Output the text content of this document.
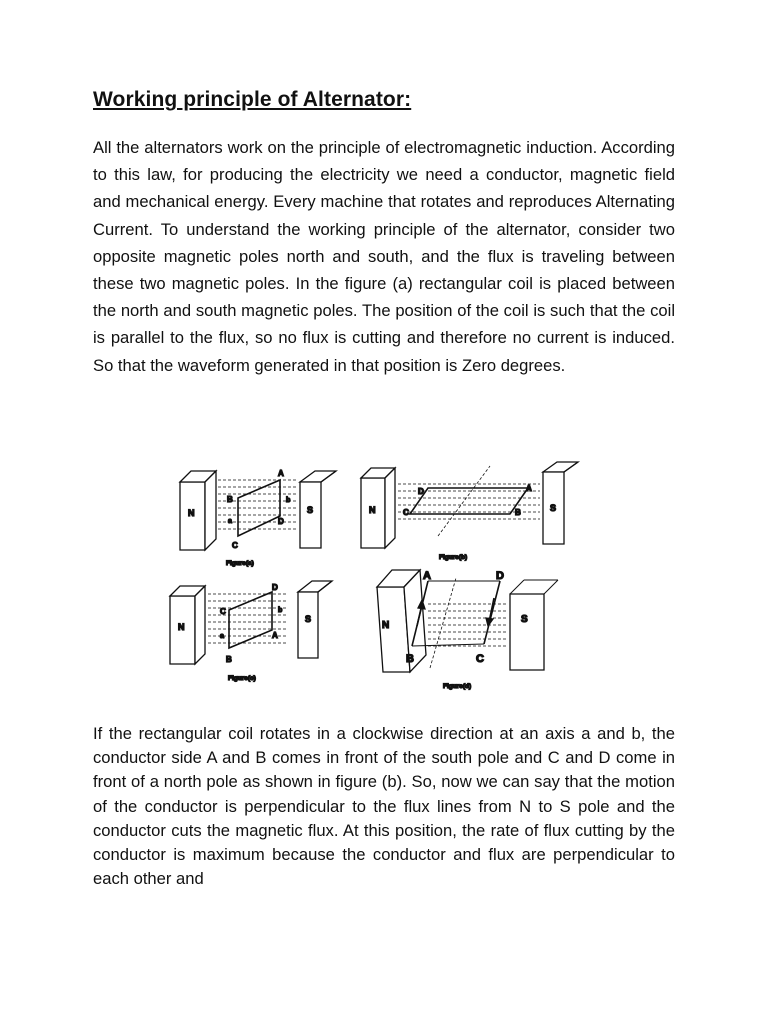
Working principle of Alternator:

All the alternators work on the principle of electromagnetic induction. According to this law, for producing the electricity we need a conductor, magnetic field and mechanical energy. Every machine that rotates and reproduces Alternating Current. To understand the working principle of the alternator, consider two opposite magnetic poles north and south, and the flux is traveling between these two magnetic poles. In the figure (a) rectangular coil is placed between the north and south magnetic poles. The position of the coil is such that the coil is parallel to the flux, so no flux is cutting and therefore no current is induced. So that the waveform generated in that position is Zero degrees.

N	S
A
B
C
D
a
b
Figure(a)
N	S
A
B
C
D
Figure(b)
N
S
A
B
C
D
a
b
Figure(c)
N
S
A
B	C
D
Figure(d)

If the rectangular coil rotates in a clockwise direction at an axis a and b, the conductor side A and B comes in front of the south pole and C and D come in front of a north pole as shown in figure (b). So, now we can say that the motion of the conductor is perpendicular to the flux lines from N to S pole and the conductor cuts the magnetic flux. At this position, the rate of flux cutting by the conductor is maximum because the conductor and flux are perpendicular to each other and
